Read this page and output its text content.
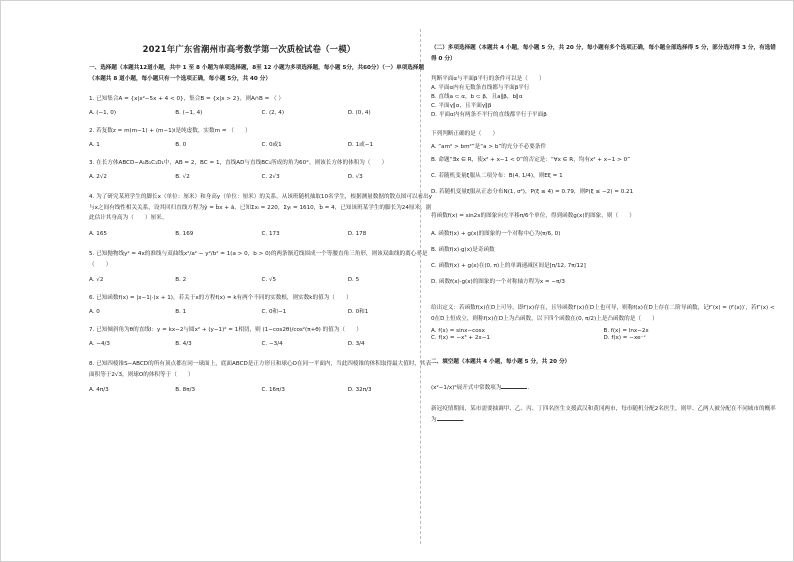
2021年广东省潮州市高考数学第一次质检试卷（一模）

一、选择题（本题共12道小题，共中 1 至 8 小题为单项选择题，8至 12 小题为多项选择题，每小题 5分，共60分）（一）单项选择题（本题共 8 道小题，每小题只有一个选项正确，每小题 5分，共 40 分）

1. 已知集合A = {x|x²−5x + 4 < 0}，集合B = {x|x > 2}，则A∩B = （ ）

A. (−1, 0)	B. (−1, 4)	C. (2, 4)	D. (0, 4)

2. 若复数z = m(m−1) + (m−1)i是纯虚数，实数m = （　　）

A. 1	B. 0	C. 0或1	D. 1或−1

3. 在长方体ABCD−A₁B₁C₁D₁中，AB = 2，BC = 1，直线AD与直线BC₁所成的角为60°，则该长方体的体积为（　　）

A. 2√2	B. √2	C. 2√3	D. √3

4. 为了研究某班学生的脚长x（单位：厘米）和身高y（单位：厘米）的关系，从该班随机抽取10名学生，根据测量数据的散点图可以看出y与x之间有线性相关关系，设其回归直线方程为ŷ = b̂x + â，已知Σxᵢ = 220，Σyᵢ = 1610，b̂ = 4，已知该班某学生的脚长为24厘米，据此估计其身高为（　　）厘米。

A. 165	B. 169	C. 173	D. 178

5. 已知抛物线y² = 4x的准线与双曲线x²/a² − y²/b² = 1(a > 0，b > 0)的两条渐近线围成一个等腰直角三角形，则该双曲线的离心率是（　　）

A. √2	B. 2	C. √5	D. 5

6. 已知函数f(x) = |x−1|·(x + 1)，若关于x的方程f(x) = k有两个不同的实数根，则实数k的值为（　　）

A. 0	B. 1	C. 0和−1	D. 0和1

7. 已知倾斜角为θ的直线l：y = kx−2与圆x² + (y−1)² = 1相切，则 (1−cos2θ)/cos²(π+θ) 的值为（　　）

A. −4/3	B. 4/3	C. −3/4	D. 3/4

8. 已知四棱锥S−ABCD的所有顶点都在同一球面上，底面ABCD是正方形且和球心O在同一平面内，当此四棱锥的体积取得最大值时，其表面积等于2√3，则球O的体积等于（　　）

A. 4π/3	B. 8π/3	C. 16π/3	D. 32π/3

（二）多项选择题（本题共 4 小题，每小题 5 分，共 20 分，每小题有多个选项正确，每小题全部选择得 5 分，部分选对得 3 分，有选错得 0 分）

判断平面α与平面β平行的条件可以是（　　）

A. 平面α内有无数条直线都与平面β平行

B. 直线a ⊂ α，b ⊂ β，且a∥β，b∥α

C. 平面γ∥α，且平面γ∥β

D. 平面α内有两条不平行的直线都平行于平面β

下列判断正确的是（　　）

A. “am² > bm²”是“a > b”的充分不必要条件

B. 命题“∃x ∈ R，使x² + x−1 < 0”的否定是：“∀x ∈ R，均有x² + x−1 > 0”

C. 若随机变量ξ服从二项分布：B(4, 1/4)，则Eξ = 1

D. 若随机变量ξ服从正态分布N(1, σ²)，P(ξ ≤ 4) = 0.79，则P(ξ ≤ −2) = 0.21

将函数f(x) = sin2x的图象向左平移π/6个单位，得到函数g(x)的图象，则（　　）

A. 函数f(x) + g(x)的图象的一个对称中心为(π/6, 0)

B. 函数f(x)·g(x)是奇函数

C. 函数f(x) + g(x)在(0, π)上的单调递减区间是[π/12, 7π/12]

D. 函数f(x)·g(x)的图象的一个对称轴方程为x = −π/3

给出定义：若函数f(x)在D上可导，即f′(x)存在，且导函数f′(x)在D上也可导，则称f(x)在D上存在二阶导函数，记f″(x) = (f′(x))′，若f″(x) < 0在D上恒成立，则称f(x)在D上为凸函数，以下四个函数在(0, π/2)上是凸函数的是（　　）

A. f(x) = sinx−cosx	B. f(x) = lnx−2x
C. f(x) = −x³ + 2x−1	D. f(x) = −xe⁻ˣ

二、填空题（本题共 4 小题，每小题 5 分，共 20 分）

(x²−1/x)⁶展开式中常数项为	.

新冠疫情期间，某市需要抽调甲、乙、丙、丁四名医生支援武汉和黄冈两市，每市随机分配2名医生，则甲、乙两人被分配在不同城市的概率为	.
